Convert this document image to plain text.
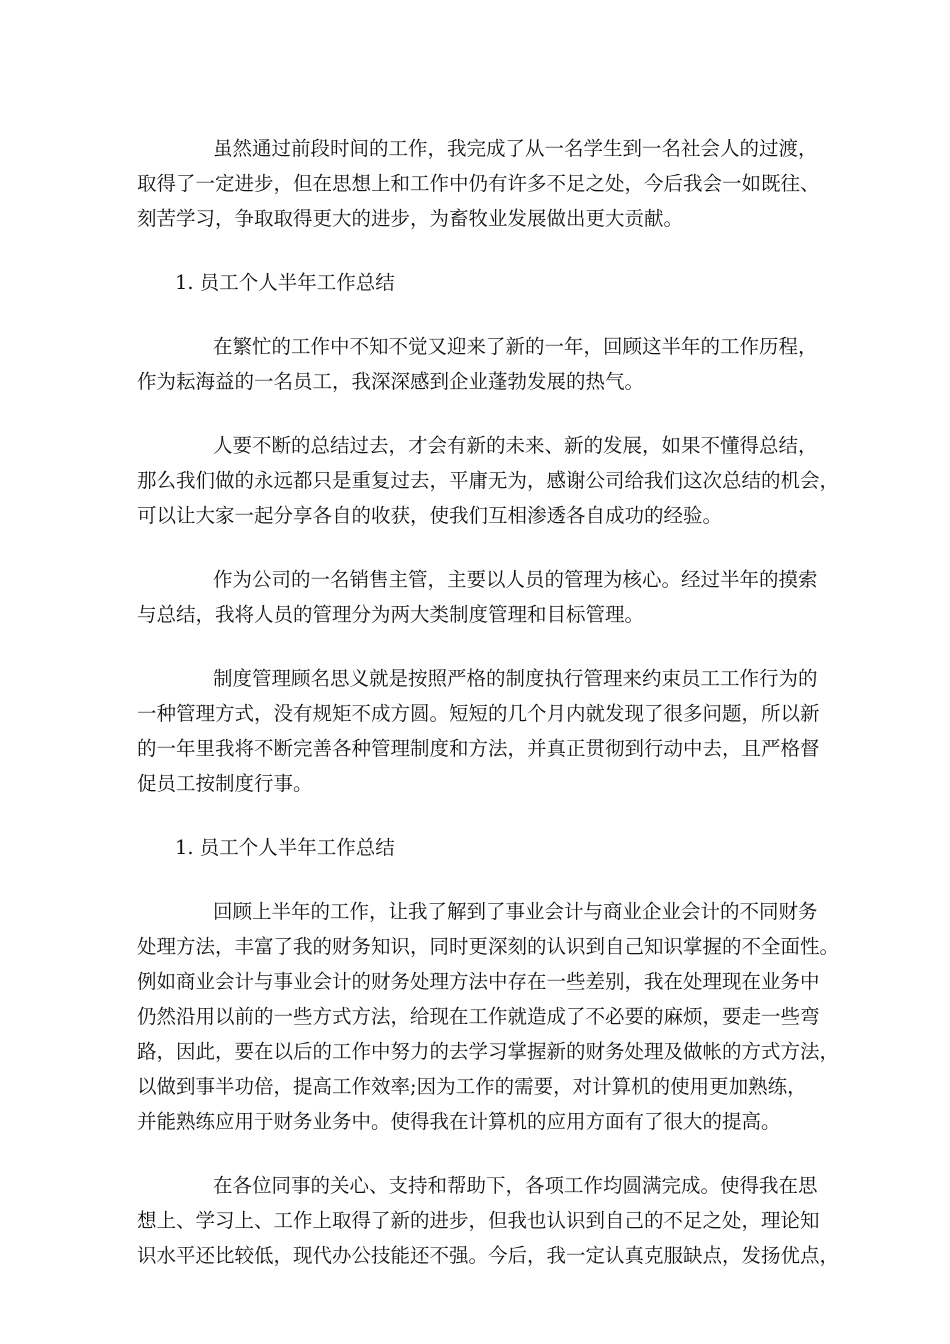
虽然通过前段时间的工作，我完成了从一名学生到一名社会人的过渡，
取得了一定进步，但在思想上和工作中仍有许多不足之处，今后我会一如既往、
刻苦学习，争取取得更大的进步，为畜牧业发展做出更大贡献。

1. 员工个人半年工作总结

在繁忙的工作中不知不觉又迎来了新的一年，回顾这半年的工作历程，
作为耘海益的一名员工，我深深感到企业蓬勃发展的热气。

人要不断的总结过去，才会有新的未来、新的发展，如果不懂得总结，
那么我们做的永远都只是重复过去，平庸无为，感谢公司给我们这次总结的机会，
可以让大家一起分享各自的收获，使我们互相渗透各自成功的经验。

作为公司的一名销售主管，主要以人员的管理为核心。经过半年的摸索
与总结，我将人员的管理分为两大类制度管理和目标管理。

制度管理顾名思义就是按照严格的制度执行管理来约束员工工作行为的
一种管理方式，没有规矩不成方圆。短短的几个月内就发现了很多问题，所以新
的一年里我将不断完善各种管理制度和方法，并真正贯彻到行动中去，且严格督
促员工按制度行事。

1. 员工个人半年工作总结

回顾上半年的工作，让我了解到了事业会计与商业企业会计的不同财务
处理方法，丰富了我的财务知识，同时更深刻的认识到自己知识掌握的不全面性。
例如商业会计与事业会计的财务处理方法中存在一些差别，我在处理现在业务中
仍然沿用以前的一些方式方法，给现在工作就造成了不必要的麻烦，要走一些弯
路，因此，要在以后的工作中努力的去学习掌握新的财务处理及做帐的方式方法，
以做到事半功倍，提高工作效率;因为工作的需要，对计算机的使用更加熟练，
并能熟练应用于财务业务中。使得我在计算机的应用方面有了很大的提高。

在各位同事的关心、支持和帮助下，各项工作均圆满完成。使得我在思
想上、学习上、工作上取得了新的进步，但我也认识到自己的不足之处，理论知
识水平还比较低，现代办公技能还不强。今后，我一定认真克服缺点，发扬优点，
